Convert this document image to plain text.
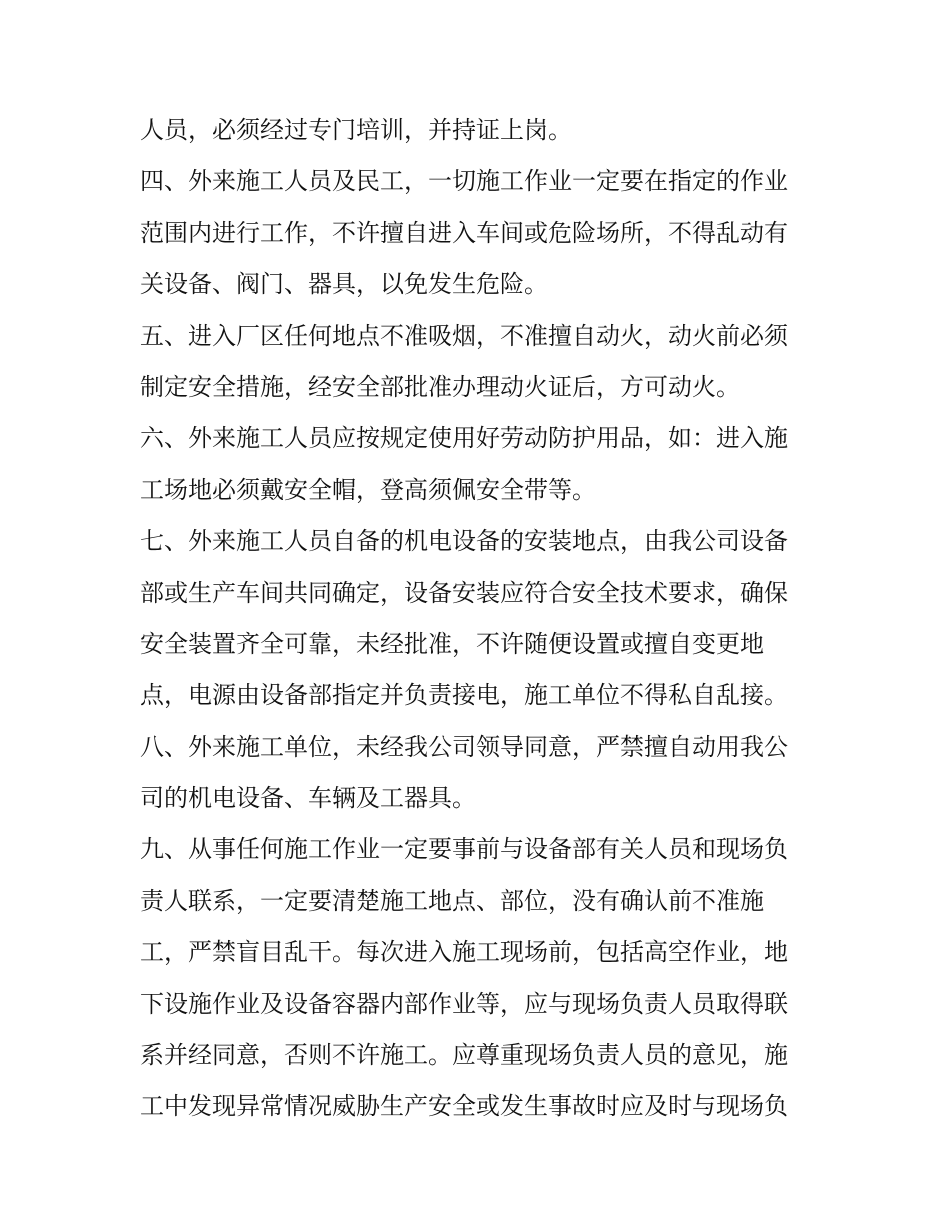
人员，必须经过专门培训，并持证上岗。
四、外来施工人员及民工，一切施工作业一定要在指定的作业
范围内进行工作，不许擅自进入车间或危险场所，不得乱动有
关设备、阀门、器具，以免发生危险。
五、进入厂区任何地点不准吸烟，不准擅自动火，动火前必须
制定安全措施，经安全部批准办理动火证后，方可动火。
六、外来施工人员应按规定使用好劳动防护用品，如：进入施
工场地必须戴安全帽，登高须佩安全带等。
七、外来施工人员自备的机电设备的安装地点，由我公司设备
部或生产车间共同确定，设备安装应符合安全技术要求，确保
安全装置齐全可靠，未经批准，不许随便设置或擅自变更地
点，电源由设备部指定并负责接电，施工单位不得私自乱接。
八、外来施工单位，未经我公司领导同意，严禁擅自动用我公
司的机电设备、车辆及工器具。
九、从事任何施工作业一定要事前与设备部有关人员和现场负
责人联系，一定要清楚施工地点、部位，没有确认前不准施
工，严禁盲目乱干。每次进入施工现场前，包括高空作业，地
下设施作业及设备容器内部作业等，应与现场负责人员取得联
系并经同意，否则不许施工。应尊重现场负责人员的意见，施
工中发现异常情况威胁生产安全或发生事故时应及时与现场负
